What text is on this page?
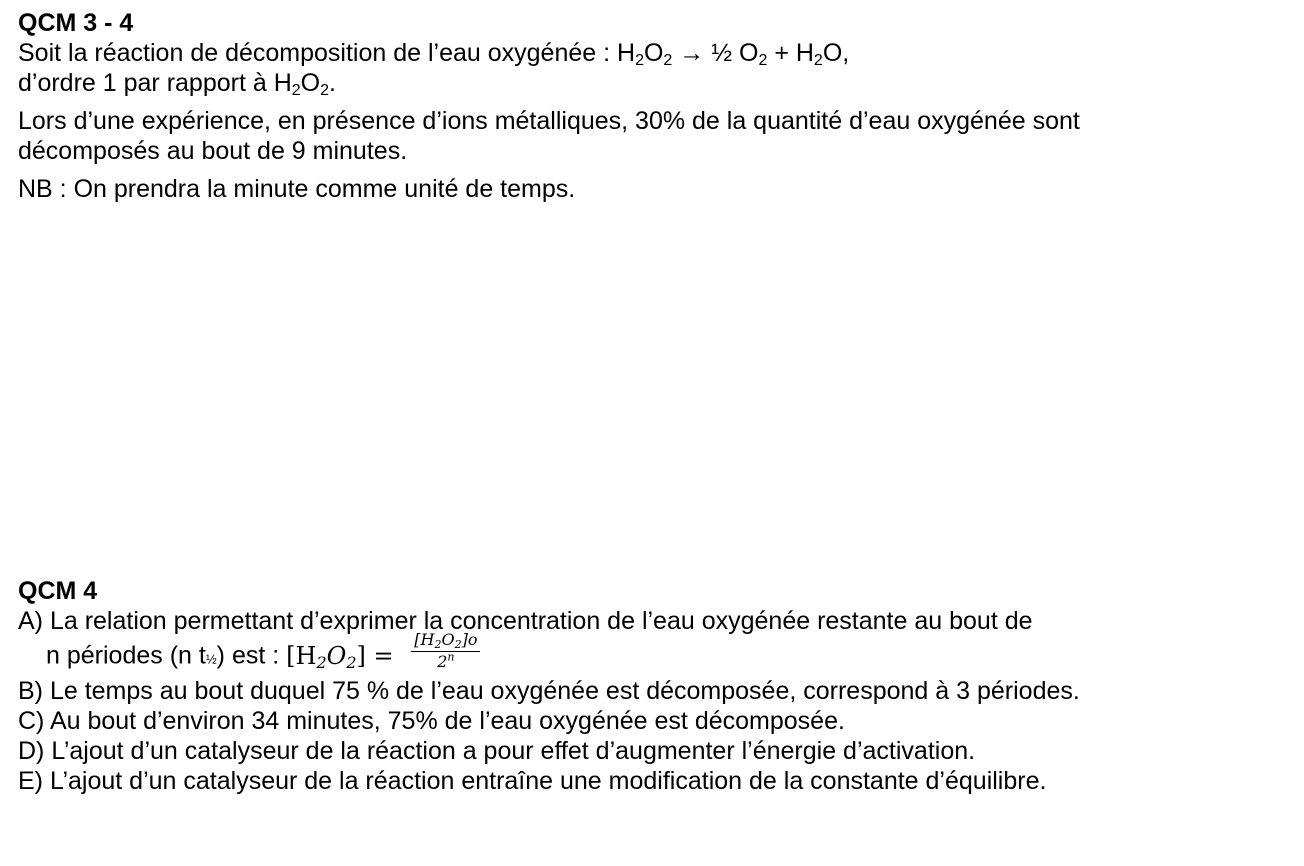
QCM 3 - 4
Soit la réaction de décomposition de l’eau oxygénée : $H_2O_2$ → ½ $O_2 + H_2O$,
d’ordre 1 par rapport à $H_2O_2$.
Lors d’une expérience, en présence d’ions métalliques, 30% de la quantité d’eau oxygénée sont
décomposés au bout de 9 minutes.
NB : On prendra la minute comme unité de temps.
QCM 4
A) La relation permettant d’exprimer la concentration de l’eau oxygénée restante au bout de
n périodes (n t½) est : $[H_2O_2] = \frac{[H_2O_2]o}{2^n}$
B) Le temps au bout duquel 75 % de l’eau oxygénée est décomposée, correspond à 3 périodes.
C) Au bout d’environ 34 minutes, 75% de l’eau oxygénée est décomposée.
D) L’ajout d’un catalyseur de la réaction a pour effet d’augmenter l’énergie d’activation.
E) L’ajout d’un catalyseur de la réaction entraîne une modification de la constante d’équilibre.
